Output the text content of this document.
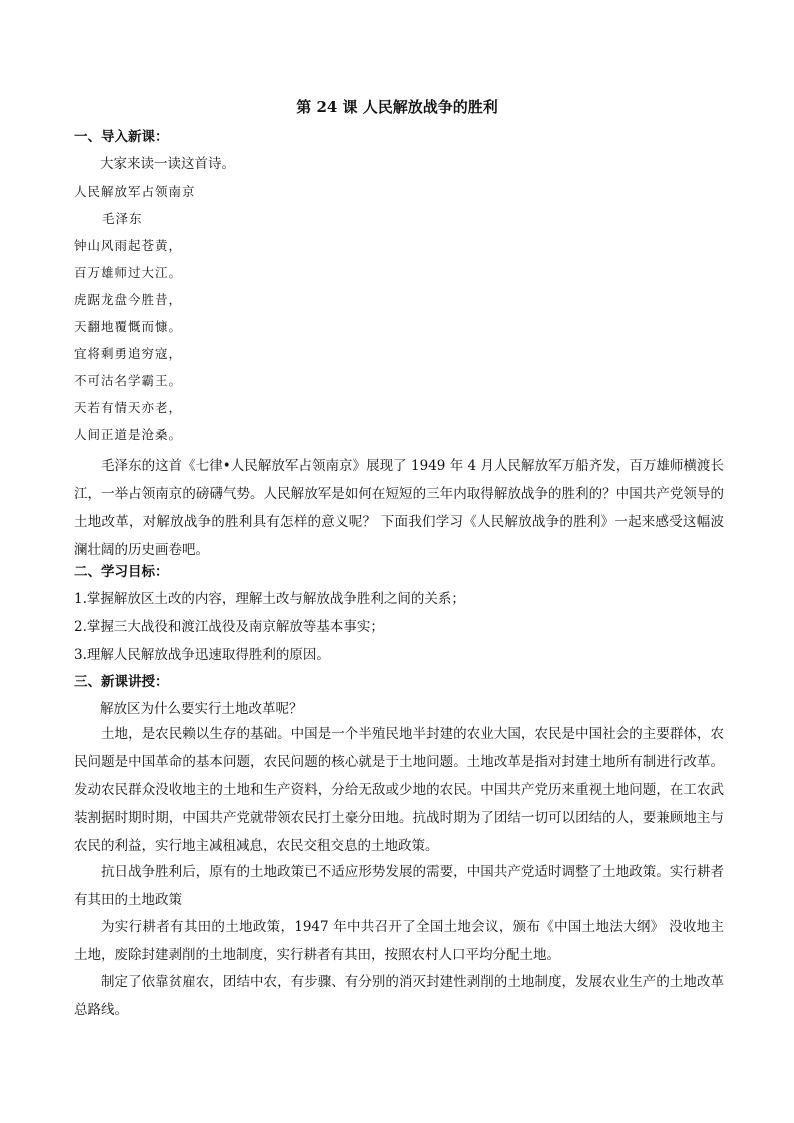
第 24 课 人民解放战争的胜利
一、导入新课：
大家来读一读这首诗。
人民解放军占领南京
毛泽东
钟山风雨起苍黄，
百万雄师过大江。
虎踞龙盘今胜昔，
天翻地覆慨而慷。
宜将剩勇追穷寇，
不可沽名学霸王。
天若有情天亦老，
人间正道是沧桑。
毛泽东的这首《七律•人民解放军占领南京》展现了 1949 年 4 月人民解放军万船齐发，百万雄师横渡长江，一举占领南京的磅礴气势。人民解放军是如何在短短的三年内取得解放战争的胜利的？中国共产党领导的土地改革，对解放战争的胜利具有怎样的意义呢？ 下面我们学习《人民解放战争的胜利》一起来感受这幅波澜壮阔的历史画卷吧。
二、学习目标：
1.掌握解放区土改的内容，理解土改与解放战争胜利之间的关系；
2.掌握三大战役和渡江战役及南京解放等基本事实；
3.理解人民解放战争迅速取得胜利的原因。
三、新课讲授：
解放区为什么要实行土地改革呢？
土地，是农民赖以生存的基础。中国是一个半殖民地半封建的农业大国，农民是中国社会的主要群体，农民问题是中国革命的基本问题，农民问题的核心就是于土地问题。土地改革是指对封建土地所有制进行改革。发动农民群众没收地主的土地和生产资料，分给无敌或少地的农民。中国共产党历来重视土地问题，在工农武装割据时期时期，中国共产党就带领农民打土豪分田地。抗战时期为了团结一切可以团结的人，要兼顾地主与农民的利益，实行地主减租减息，农民交租交息的土地政策。
抗日战争胜利后，原有的土地政策已不适应形势发展的需要，中国共产党适时调整了土地政策。实行耕者有其田的土地政策
为实行耕者有其田的土地政策，1947 年中共召开了全国土地会议，颁布《中国土地法大纲》 没收地主土地，废除封建剥削的土地制度，实行耕者有其田，按照农村人口平均分配土地。
制定了依靠贫雇农，团结中农，有步骤、有分别的消灭封建性剥削的土地制度，发展农业生产的土地改革总路线。
